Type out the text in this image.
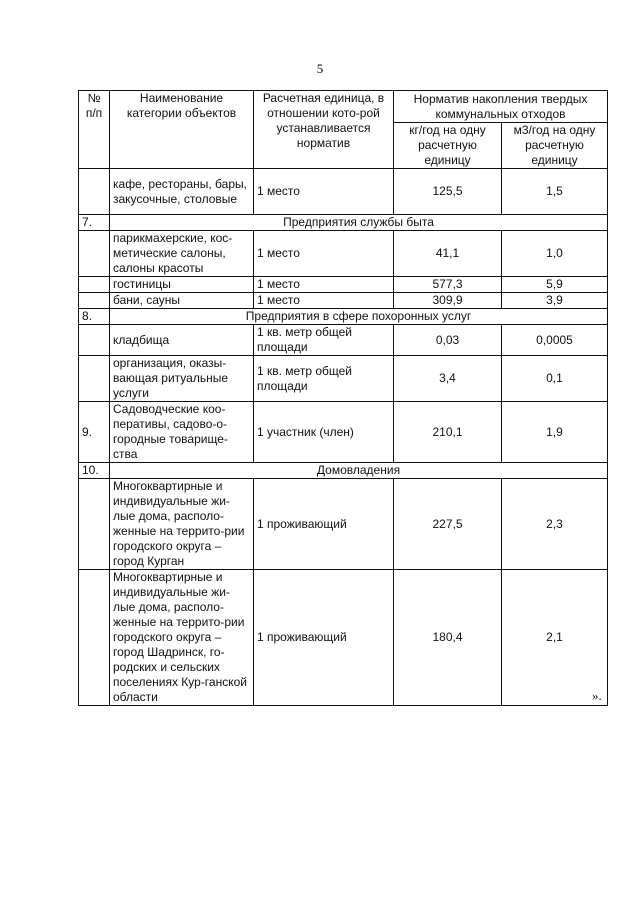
5
№ п/п	Наименование категории объектов	Расчетная единица, в отношении кото-рой устанавливается норматив	Норматив накопления твердых коммунальных отходов	
			кг/год на одну расчетную единицу	м3/год на одну расчетную единицу
	кафе, рестораны, бары, закусочные, столовые	1 место	125,5	1,5
7.	Предприятия службы быта			
	парикмахерские, кос-метические салоны, салоны красоты	1 место	41,1	1,0
	гостиницы	1 место	577,3	5,9
	бани, сауны	1 место	309,9	3,9
8.	Предприятия в сфере похоронных услуг			
	кладбища	1 кв. метр общей площади	0,03	0,0005
	организация, оказы-вающая ритуальные услуги	1 кв. метр общей площади	3,4	0,1
9.	Садоводческие коо-перативы, садово-о-городные товарище-ства	1 участник (член)	210,1	1,9
10.	Домовладения			
	Многоквартирные и индивидуальные жи-лые дома, располо-женные на террито-рии городского округа – город Курган	1 проживающий	227,5	2,3
	Многоквартирные и индивидуальные жи-лые дома, располо-женные на террито-рии городского округа – город Шадринск, го-родских и сельских поселениях Кур-ганской области	1 проживающий	180,4	2,1
».
